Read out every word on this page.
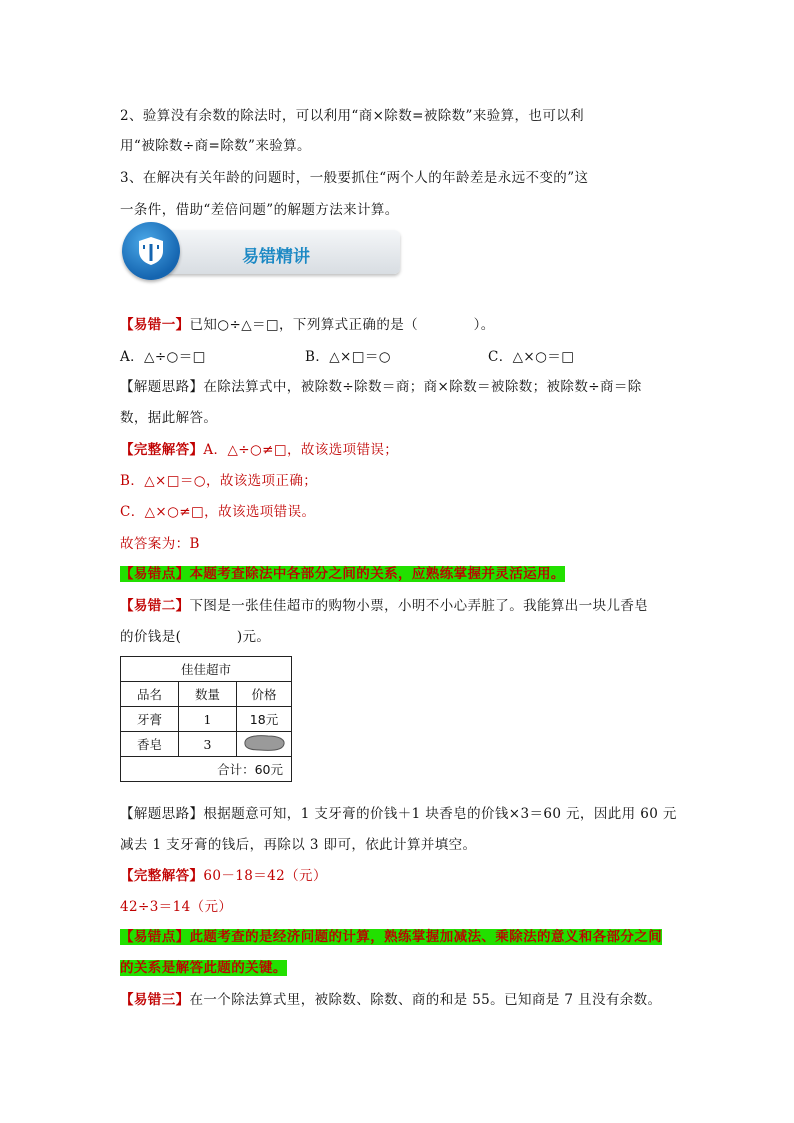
2、验算没有余数的除法时，可以利用“商×除数=被除数”来验算，也可以利
用“被除数÷商=除数”来验算。
3、在解决有关年龄的问题时，一般要抓住“两个人的年龄差是永远不变的”这
一条件，借助“差倍问题”的解题方法来计算。
易错精讲
【易错一】已知○÷△＝□，下列算式正确的是（　　　　）。
A．△÷○＝□	B．△×□＝○	C．△×○＝□
【解题思路】在除法算式中，被除数÷除数＝商；商×除数＝被除数；被除数÷商＝除
数，据此解答。
【完整解答】A．△÷○≠□，故该选项错误；
B．△×□＝○，故该选项正确；
C．△×○≠□，故该选项错误。
故答案为：B
【易错点】本题考查除法中各部分之间的关系，应熟练掌握并灵活运用。
【易错二】下图是一张佳佳超市的购物小票，小明不小心弄脏了。我能算出一块儿香皂
的价钱是(　　　　)元。
佳佳超市		
品名	数量	价格
牙膏	1	18元
香皂	3	
合计：60元		
【解题思路】根据题意可知，1 支牙膏的价钱＋1 块香皂的价钱×3＝60 元，因此用 60 元
减去 1 支牙膏的钱后，再除以 3 即可，依此计算并填空。
【完整解答】60－18＝42（元）
42÷3＝14（元）
【易错点】此题考查的是经济问题的计算，熟练掌握加减法、乘除法的意义和各部分之间
的关系是解答此题的关键。
【易错三】在一个除法算式里，被除数、除数、商的和是 55。已知商是 7 且没有余数。
